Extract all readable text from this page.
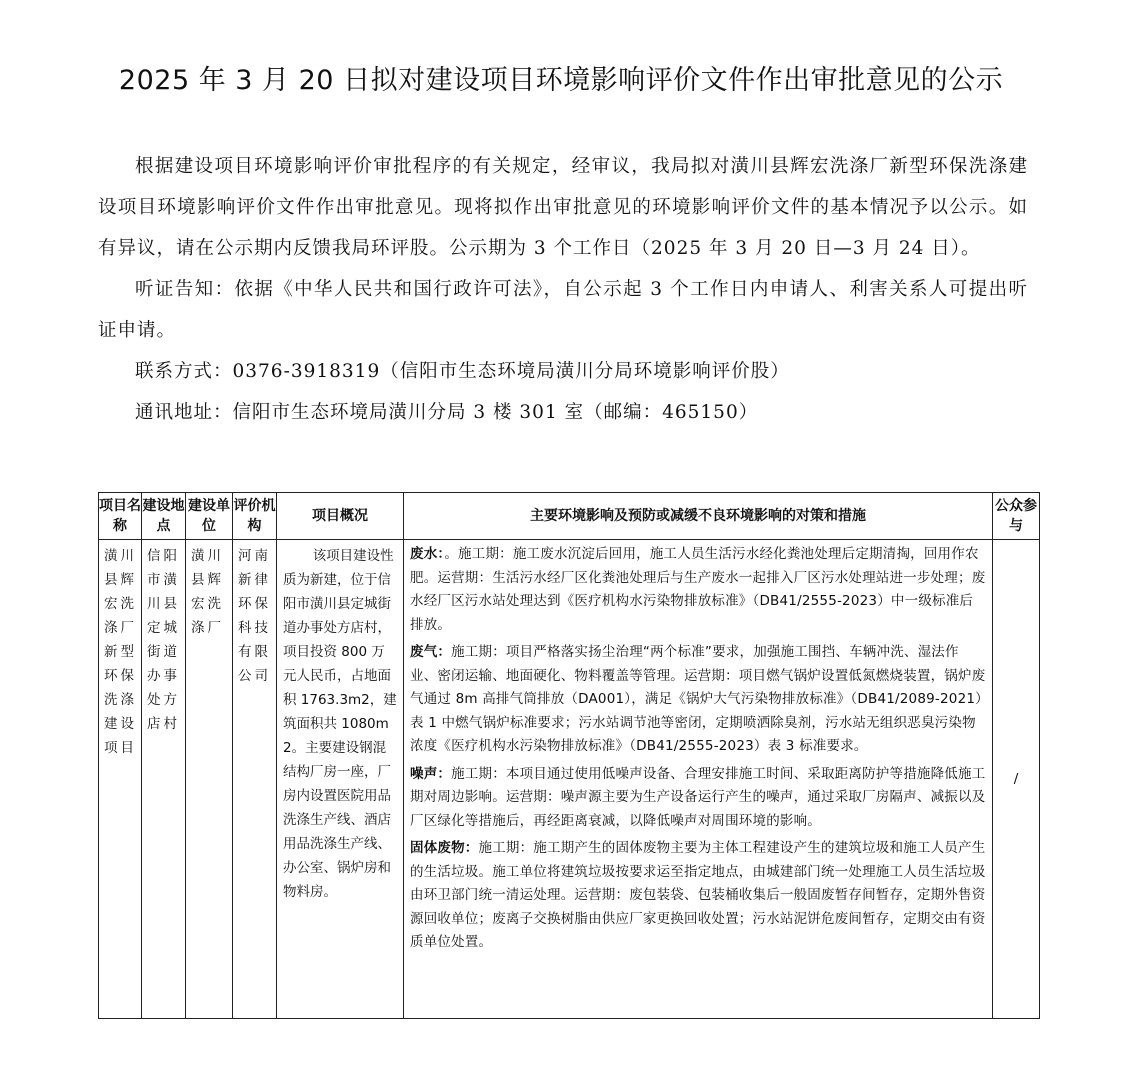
2025 年 3 月 20 日拟对建设项目环境影响评价文件作出审批意见的公示

根据建设项目环境影响评价审批程序的有关规定，经审议，我局拟对潢川县辉宏洗涤厂新型环保洗涤建设项目环境影响评价文件作出审批意见。现将拟作出审批意见的环境影响评价文件的基本情况予以公示。如有异议，请在公示期内反馈我局环评股。公示期为 3 个工作日（2025 年 3 月 20 日—3 月 24 日）。

听证告知：依据《中华人民共和国行政许可法》，自公示起 3 个工作日内申请人、利害关系人可提出听证申请。

联系方式：0376-3918319（信阳市生态环境局潢川分局环境影响评价股）

通讯地址：信阳市生态环境局潢川分局 3 楼 301 室（邮编：465150）

项目名称	建设地点	建设单位	评价机构	项目概况	主要环境影响及预防或减缓不良环境影响的对策和措施	公众参与
潢川县辉宏洗涤厂新型环保洗涤建设项目	信阳市潢川县定城街道办事处方店村	潢川县辉宏洗涤厂	河南新律环保科技有限公司	该项目建设性质为新建，位于信阳市潢川县定城街道办事处方店村，项目投资 800 万元人民币，占地面积 1763.3m2，建筑面积共 1080m2。主要建设钢混结构厂房一座，厂房内设置医院用品洗涤生产线、酒店用品洗涤生产线、办公室、锅炉房和物料房。	废水：。施工期：施工废水沉淀后回用，施工人员生活污水经化粪池处理后定期清掏，回用作农肥。运营期：生活污水经厂区化粪池处理后与生产废水一起排入厂区污水处理站进一步处理；废水经厂区污水站处理达到《医疗机构水污染物排放标准》（DB41/2555-2023）中一级标准后排放。

废气：施工期：项目严格落实扬尘治理“两个标准”要求，加强施工围挡、车辆冲洗、湿法作业、密闭运输、地面硬化、物料覆盖等管理。运营期：项目燃气锅炉设置低氮燃烧装置，锅炉废气通过 8m 高排气筒排放（DA001），满足《锅炉大气污染物排放标准》（DB41/2089-2021）表 1 中燃气锅炉标准要求；污水站调节池等密闭，定期喷洒除臭剂，污水站无组织恶臭污染物浓度《医疗机构水污染物排放标准》（DB41/2555-2023）表 3 标准要求。

噪声：施工期：本项目通过使用低噪声设备、合理安排施工时间、采取距离防护等措施降低施工期对周边影响。运营期：噪声源主要为生产设备运行产生的噪声，通过采取厂房隔声、减振以及厂区绿化等措施后，再经距离衰减，以降低噪声对周围环境的影响。

固体废物：施工期：施工期产生的固体废物主要为主体工程建设产生的建筑垃圾和施工人员产生的生活垃圾。施工单位将建筑垃圾按要求运至指定地点，由城建部门统一处理施工人员生活垃圾由环卫部门统一清运处理。运营期：废包装袋、包装桶收集后一般固废暂存间暂存，定期外售资源回收单位；废离子交换树脂由供应厂家更换回收处置；污水站泥饼危废间暂存，定期交由有资质单位处置。	/
